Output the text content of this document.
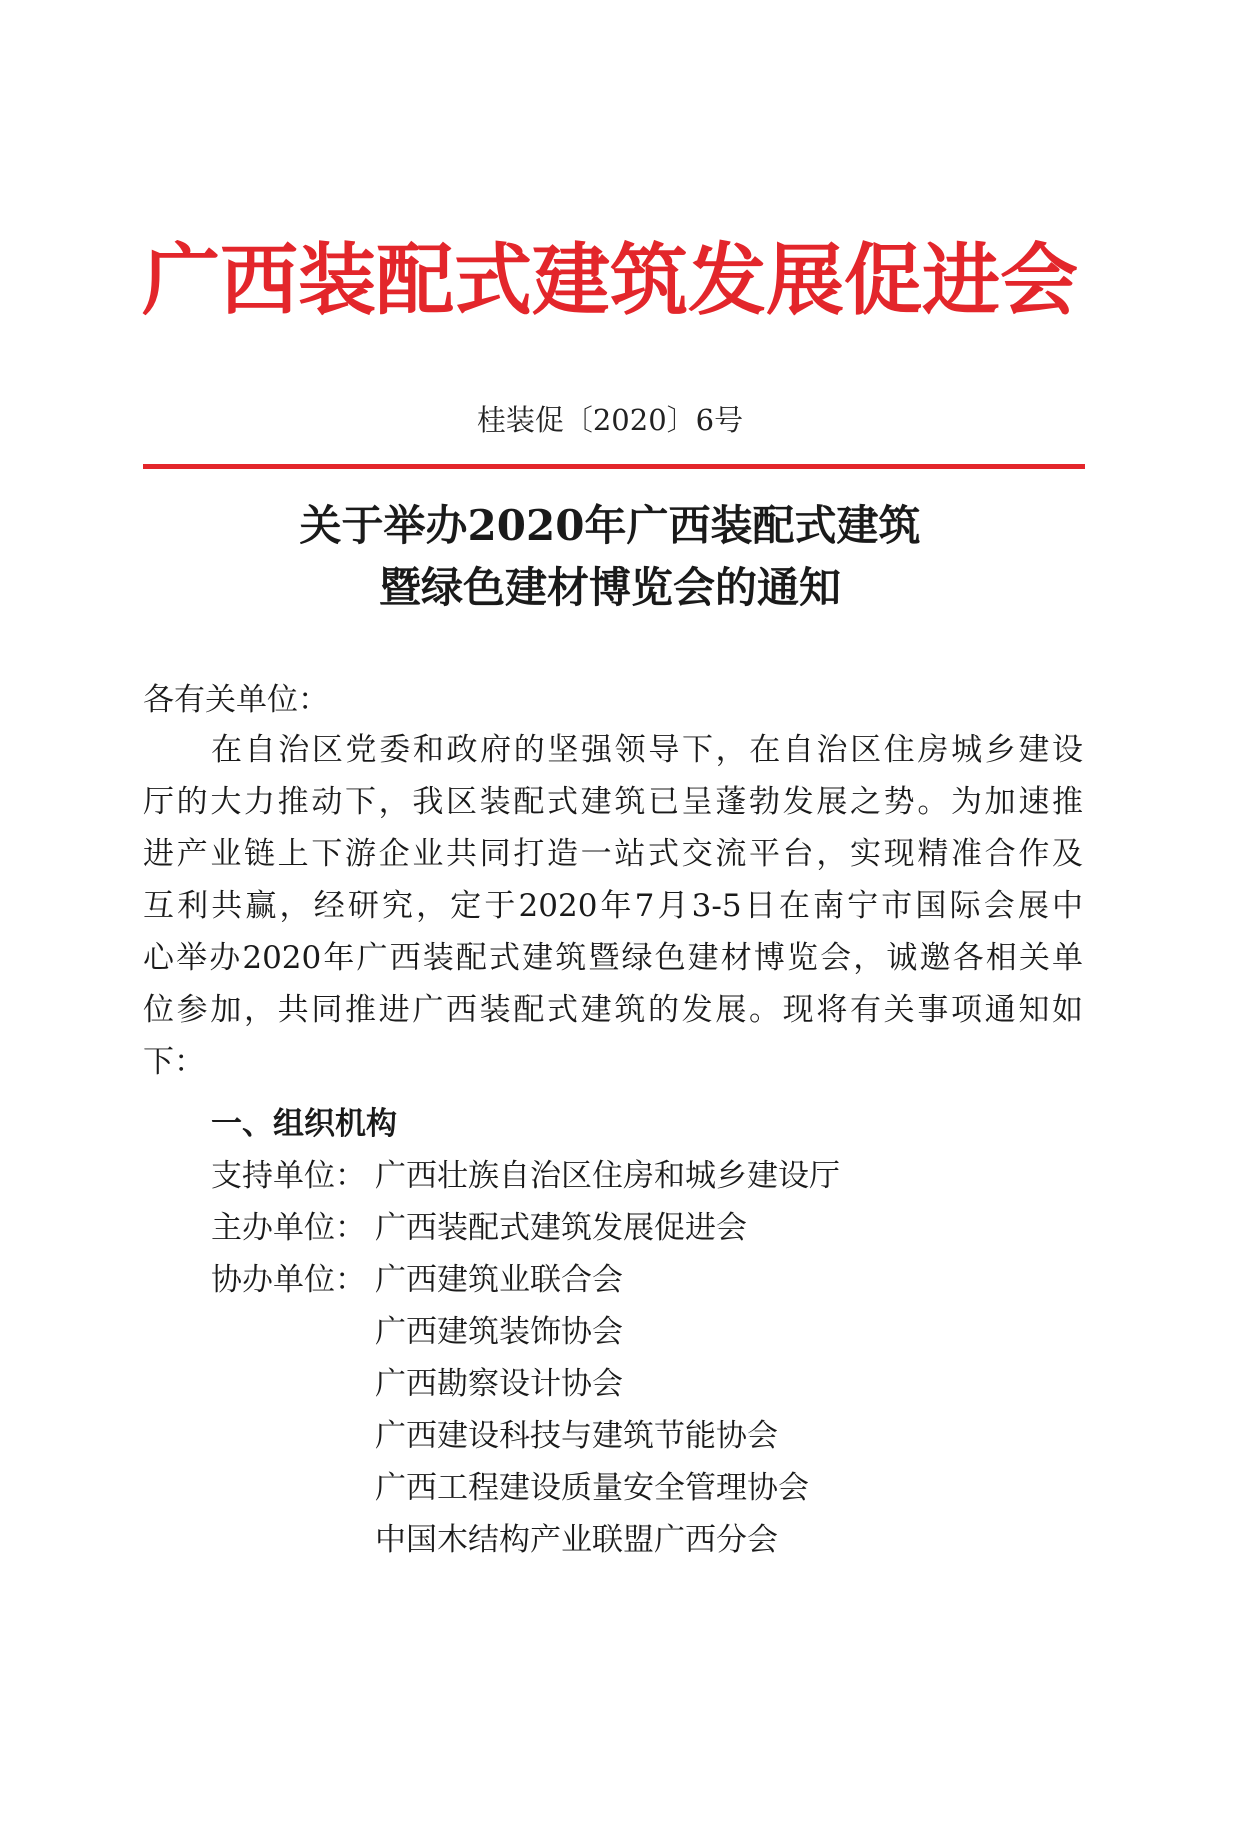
广西装配式建筑发展促进会
桂装促〔2020〕6号
关于举办2020年广西装配式建筑
暨绿色建材博览会的通知
各有关单位：
在自治区党委和政府的坚强领导下，在自治区住房城乡建设
厅的大力推动下，我区装配式建筑已呈蓬勃发展之势。为加速推
进产业链上下游企业共同打造一站式交流平台，实现精准合作及
互利共赢，经研究，定于2020年7月3-5日在南宁市国际会展中
心举办2020年广西装配式建筑暨绿色建材博览会，诚邀各相关单
位参加，共同推进广西装配式建筑的发展。现将有关事项通知如
下：
一、组织机构
支持单位： 广西壮族自治区住房和城乡建设厅
主办单位： 广西装配式建筑发展促进会
协办单位： 广西建筑业联合会
广西建筑装饰协会
广西勘察设计协会
广西建设科技与建筑节能协会
广西工程建设质量安全管理协会
中国木结构产业联盟广西分会
